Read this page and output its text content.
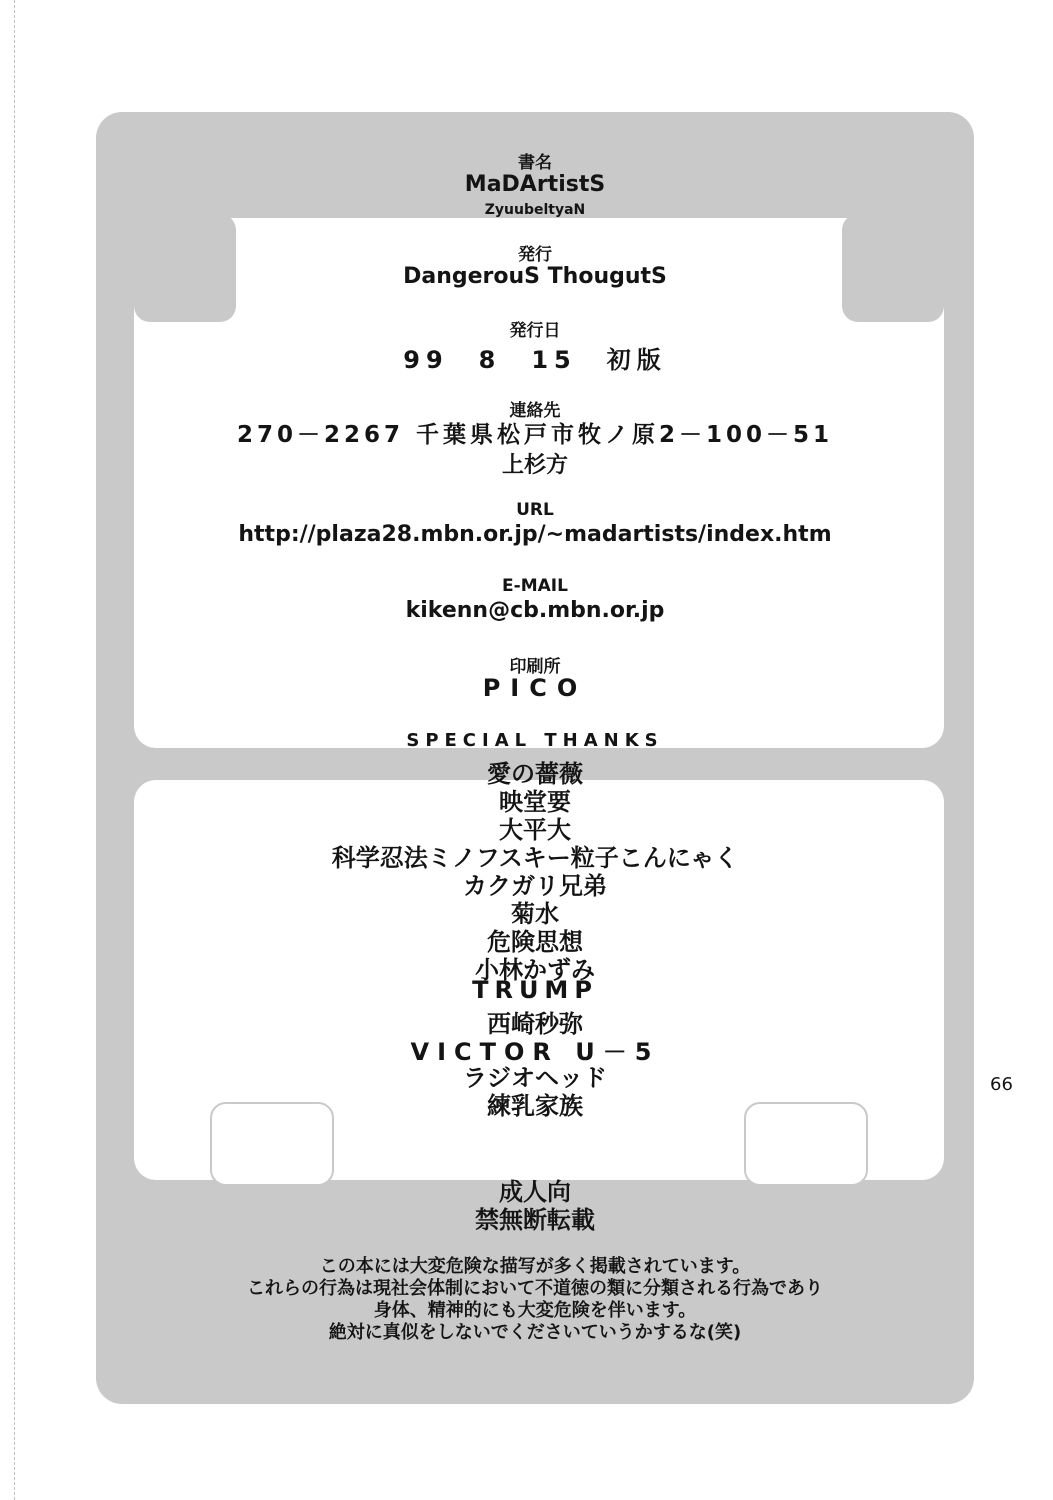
書名
MaDArtistS
ZyuubeltyaN
発行
DangerouS ThougutS
発行日
99　8　15　初版
連絡先
270－2267 千葉県松戸市牧ノ原2－100－51
上杉方
URL
http://plaza28.mbn.or.jp/~madartists/index.htm
E-MAIL
kikenn@cb.mbn.or.jp
印刷所
PICO
SPECIAL THANKS
愛の薔薇
映堂要
大平大
科学忍法ミノフスキー粒子こんにゃく
カクガリ兄弟
菊水
危険思想
小林かずみ
TRUMP
西崎秒弥
VICTOR U－5
ラジオヘッド
練乳家族
成人向
禁無断転載
この本には大変危険な描写が多く掲載されています。
これらの行為は現社会体制において不道徳の類に分類される行為であり
身体、精神的にも大変危険を伴います。
絶対に真似をしないでくださいていうかするな(笑)
66
